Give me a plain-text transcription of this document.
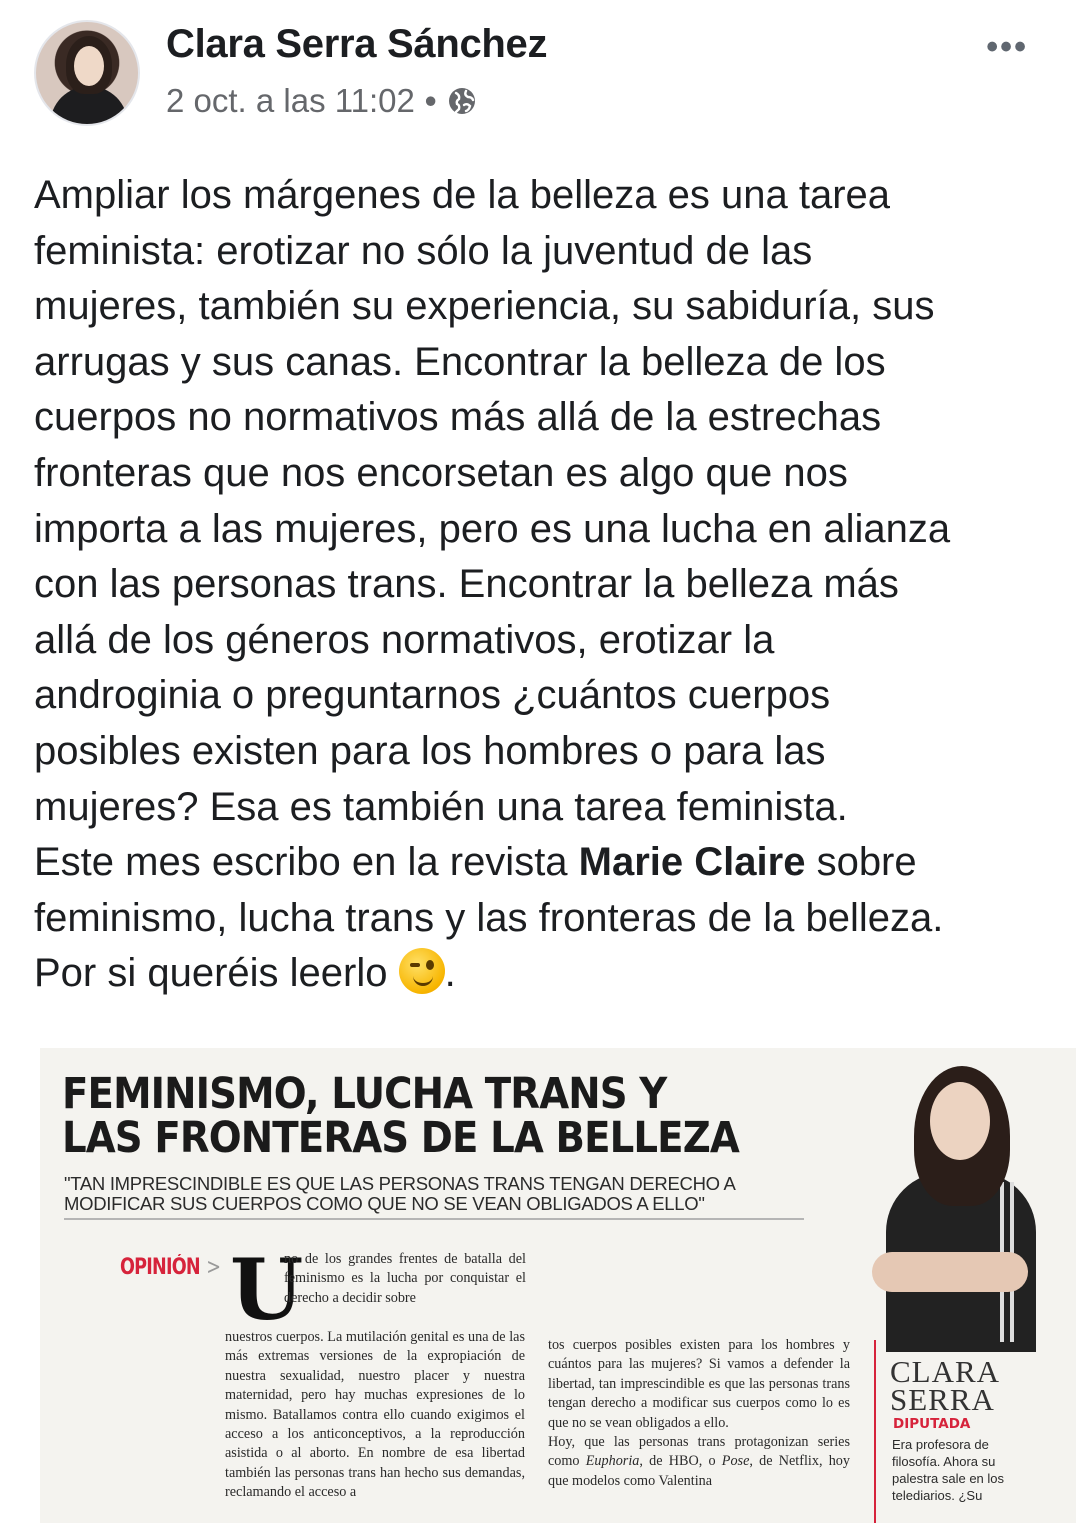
Clara Serra Sánchez
2 oct. a las 11:02 •
•••
Ampliar los márgenes de la belleza es una tarea
feminista: erotizar no sólo la juventud de las
mujeres, también su experiencia, su sabiduría, sus
arrugas y sus canas. Encontrar la belleza de los
cuerpos no normativos más allá de la estrechas
fronteras que nos encorsetan es algo que nos
importa a las mujeres, pero es una lucha en alianza
con las personas trans. Encontrar la belleza más
allá de los géneros normativos, erotizar la
androginia o preguntarnos ¿cuántos cuerpos
posibles existen para los hombres o para las
mujeres? Esa es también una tarea feminista.
Este mes escribo en la revista Marie Claire sobre
feminismo, lucha trans y las fronteras de la belleza.
Por si queréis leerlo
.
FEMINISMO, LUCHA TRANS Y
LAS FRONTERAS DE LA BELLEZA
"TAN IMPRESCINDIBLE ES QUE LAS PERSONAS TRANS TENGAN DERECHO A
MODIFICAR SUS CUERPOS COMO QUE NO SE VEAN OBLIGADOS A ELLO"
OPINIÓN > U
no de los grandes frentes de batalla del feminismo es la lucha por conquistar el derecho a decidir sobre
nuestros cuerpos. La mutilación genital es una de las más extremas versiones de la expropiación de nuestra sexualidad, nuestro placer y nuestra maternidad, pero hay muchas expresiones de lo mismo. Batallamos contra ello cuando exigimos el acceso a los anticonceptivos, a la reproducción asistida o al aborto. En nombre de esa libertad también las personas trans han hecho sus demandas, reclamando el acceso a
tos cuerpos posibles existen para los hombres y cuántos para las mujeres? Si vamos a defender la libertad, tan imprescindible es que las personas trans tengan derecho a modificar sus cuerpos como lo es que no se vean obligados a ello.
Hoy, que las personas trans protagonizan series como Euphoria, de HBO, o Pose, de Netflix, hoy que modelos como Valentina
CLARA
SERRA
DIPUTADA
Era profesora de filosofía. Ahora su palestra sale en los telediarios. ¿Su
